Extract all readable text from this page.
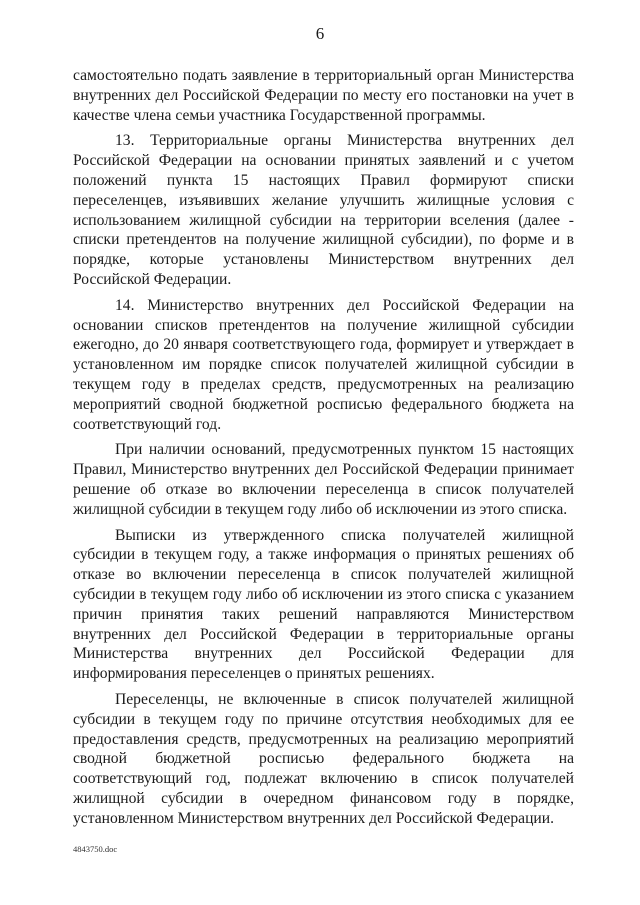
6

самостоятельно подать заявление в территориальный орган Министерства внутренних дел Российской Федерации по месту его постановки на учет в качестве члена семьи участника Государственной программы.

13. Территориальные органы Министерства внутренних дел Российской Федерации на основании принятых заявлений и с учетом положений пункта 15 настоящих Правил формируют списки переселенцев, изъявивших желание улучшить жилищные условия с использованием жилищной субсидии на территории вселения (далее - списки претендентов на получение жилищной субсидии), по форме и в порядке, которые установлены Министерством внутренних дел Российской Федерации.

14. Министерство внутренних дел Российской Федерации на основании списков претендентов на получение жилищной субсидии ежегодно, до 20 января соответствующего года, формирует и утверждает в установленном им порядке список получателей жилищной субсидии в текущем году в пределах средств, предусмотренных на реализацию мероприятий сводной бюджетной росписью федерального бюджета на соответствующий год.

При наличии оснований, предусмотренных пунктом 15 настоящих Правил, Министерство внутренних дел Российской Федерации принимает решение об отказе во включении переселенца в список получателей жилищной субсидии в текущем году либо об исключении из этого списка.

Выписки из утвержденного списка получателей жилищной субсидии в текущем году, а также информация о принятых решениях об отказе во включении переселенца в список получателей жилищной субсидии в текущем году либо об исключении из этого списка с указанием причин принятия таких решений направляются Министерством внутренних дел Российской Федерации в территориальные органы Министерства внутренних дел Российской Федерации для информирования переселенцев о принятых решениях.

Переселенцы, не включенные в список получателей жилищной субсидии в текущем году по причине отсутствия необходимых для ее предоставления средств, предусмотренных на реализацию мероприятий сводной бюджетной росписью федерального бюджета на соответствующий год, подлежат включению в список получателей жилищной субсидии в очередном финансовом году в порядке, установленном Министерством внутренних дел Российской Федерации.

4843750.doc
